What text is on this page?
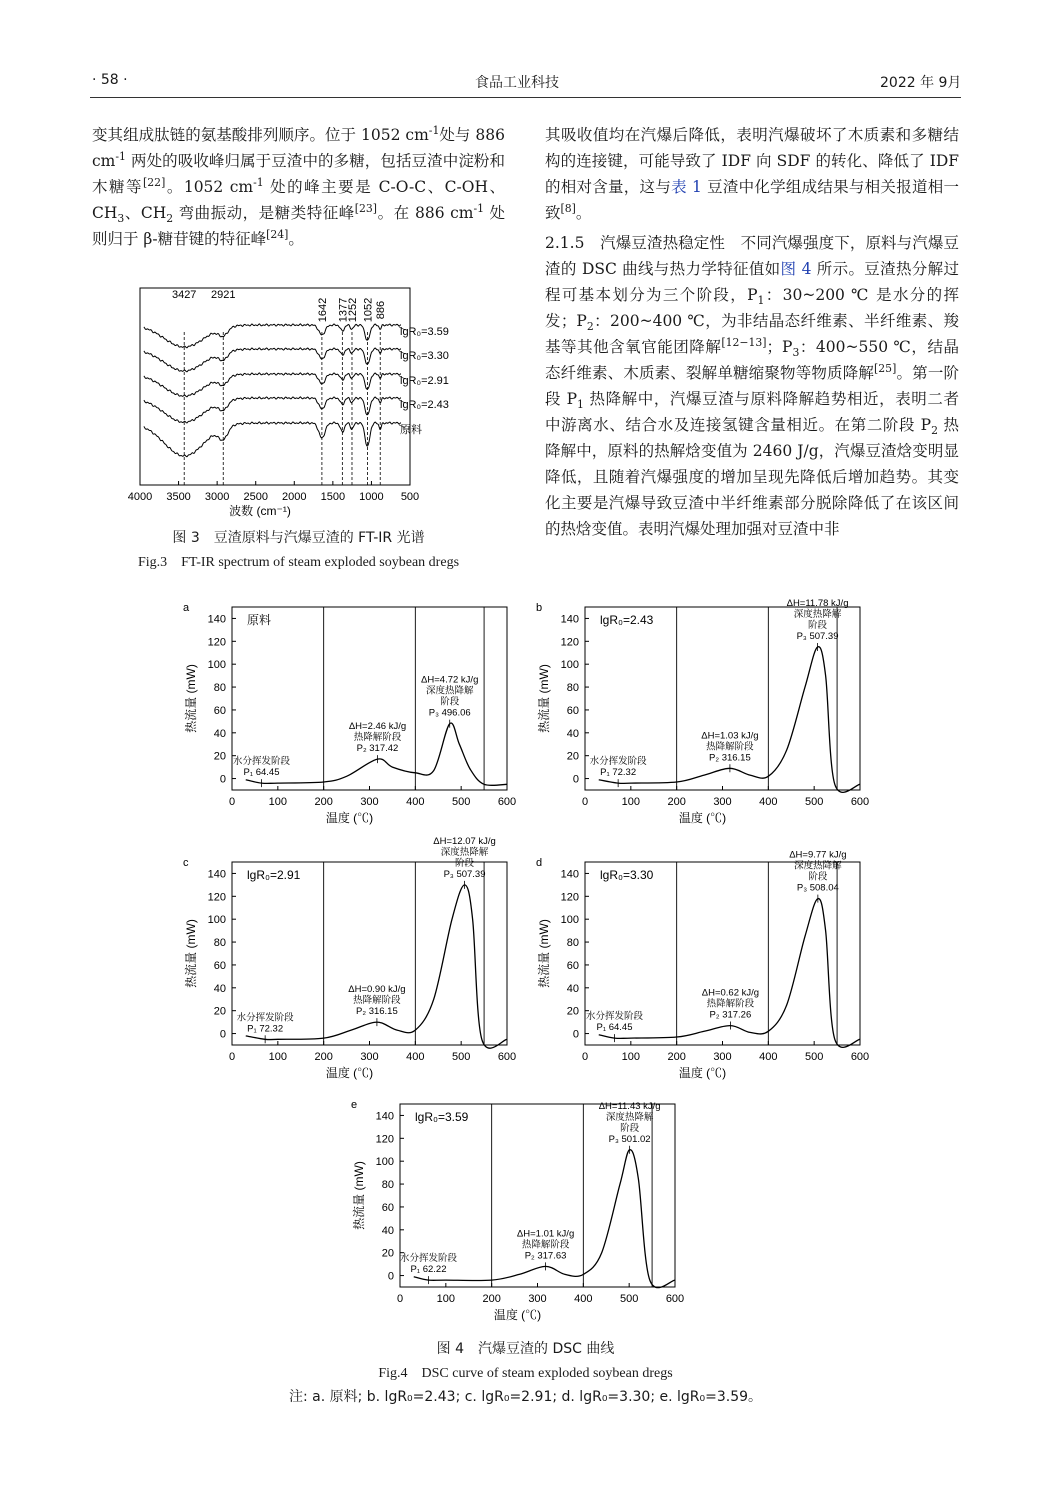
· 58 ·	食品工业科技	2022 年 9月

变其组成肽链的氨基酸排列顺序。位于 1052 $cm^{-1}$处与 886 $cm^{-1}$ 两处的吸收峰归属于豆渣中的多糖，包括豆渣中淀粉和木糖等[22]。1052 $cm^{-1}$ 处的峰主要是 C-O-C、C-OH、$CH_3$、$CH_2$ 弯曲振动，是糖类特征峰[23]。在 886 $cm^{-1}$ 处则归于 β-糖苷键的特征峰[24]。

其吸收值均在汽爆后降低，表明汽爆破坏了木质素和多糖结构的连接键，可能导致了 IDF 向 SDF 的转化、降低了 IDF 的相对含量，这与表 1 豆渣中化学组成结果与相关报道相一致[8]。

2.1.5　汽爆豆渣热稳定性　不同汽爆强度下，原料与汽爆豆渣的 DSC 曲线与热力学特征值如图 4 所示。豆渣热分解过程可基本划分为三个阶段，$P_1$：30~200 ℃ 是水分的挥发；$P_2$：200~400 ℃，为非结晶态纤维素、半纤维素、羧基等其他含氧官能团降解[12−13]；$P_3$：400~550 ℃，结晶态纤维素、木质素、裂解单糖缩聚物等物质降解[25]。第一阶段 $P_1$ 热降解中，汽爆豆渣与原料降解趋势相近，表明二者中游离水、结合水及连接氢键含量相近。在第二阶段 $P_2$ 热降解中，原料的热解焓变值为 2460 J/g，汽爆豆渣焓变明显降低，且随着汽爆强度的增加呈现先降低后增加趋势。其变化主要是汽爆导致豆渣中半纤维素部分脱除降低了在该区间的热焓变值。表明汽爆处理加强对豆渣中非

4000 3500 3000 2500 2000 1500 1000 500
波数 (cm⁻¹)
3427 2921
1642 1377
1252 1052 886
lgR₀=3.59
lgR₀=3.30
lgR₀=2.91
lgR₀=2.43
原料
图 3　豆渣原料与汽爆豆渣的 FT-IR 光谱
Fig.3　FT-IR spectrum of steam exploded soybean dregs
a
0
20
40
60
80
100
120
140
0	100 200 300 400 500 600
温度 (℃)
热流量 (mW)
原料
水分挥发阶段
P₁ 64.45
ΔH=2.46 kJ/g
热降解阶段
P₂ 317.42
ΔH=4.72 kJ/g
深度热降解
阶段
P₃ 496.06
b
0
20
40
60
80
100
120
140
0	100 200 300 400 500 600
温度 (℃)
热流量 (mW)
lgR₀=2.43
水分挥发阶段
P₁ 72.32
ΔH=1.03 kJ/g
热降解阶段
P₂ 316.15
ΔH=11.78 kJ/g
深度热降解
阶段
P₃ 507.39
c
0
20
40
60
80
100
120
140
0	100 200 300 400 500 600
温度 (℃)
热流量 (mW)
lgR₀=2.91
水分挥发阶段
P₁ 72.32
ΔH=0.90 kJ/g
热降解阶段
P₂ 316.15
ΔH=12.07 kJ/g
深度热降解
阶段
P₃ 507.39
d
0
20
40
60
80
100
120
140
0	100 200 300 400 500 600
温度 (℃)
热流量 (mW)
lgR₀=3.30
水分挥发阶段
P₁ 64.45
ΔH=0.62 kJ/g
热降解阶段
P₂ 317.26
ΔH=9.77 kJ/g
深度热降解
阶段
P₃ 508.04
e
0
20
40
60
80
100
120
140
0	100 200 300 400 500 600
温度 (℃)
热流量 (mW)
lgR₀=3.59
水分挥发阶段
P₁ 62.22
ΔH=1.01 kJ/g
热降解阶段
P₂ 317.63
ΔH=11.43 kJ/g
深度热降解
阶段
P₃ 501.02
图 4　汽爆豆渣的 DSC 曲线
Fig.4　DSC curve of steam exploded soybean dregs
注: a. 原料; b. lgR₀=2.43; c. lgR₀=2.91; d. lgR₀=3.30; e. lgR₀=3.59。
